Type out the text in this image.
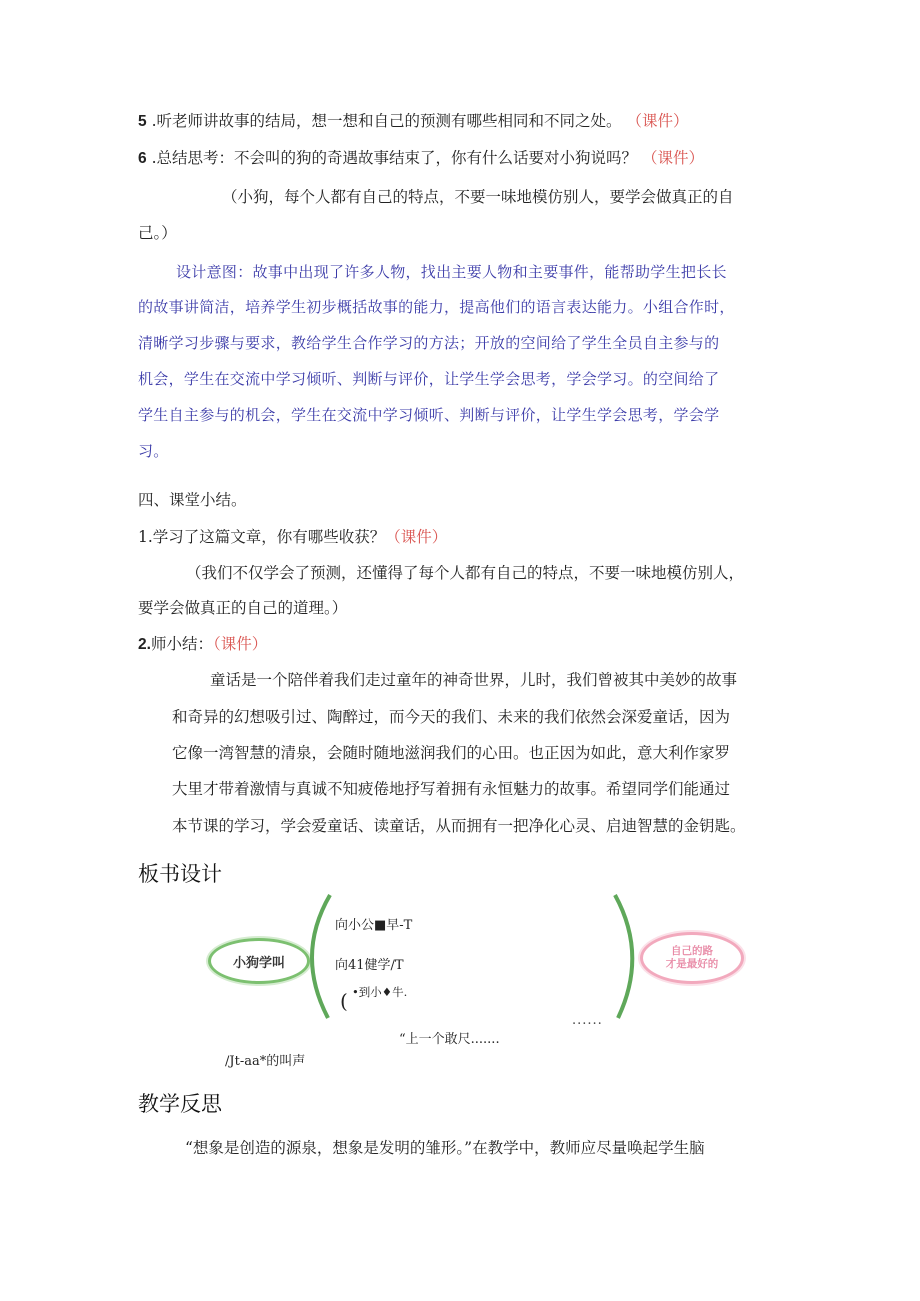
5 .听老师讲故事的结局，想一想和自己的预测有哪些相同和不同之处。 （课件）
6 .总结思考：不会叫的狗的奇遇故事结束了，你有什么话要对小狗说吗？ （课件）
（小狗，每个人都有自己的特点，不要一味地模仿别人，要学会做真正的自
己。）
设计意图：故事中出现了许多人物，找出主要人物和主要事件，能帮助学生把长长
的故事讲简洁，培养学生初步概括故事的能力，提高他们的语言表达能力。小组合作时，
清晰学习步骤与要求，教给学生合作学习的方法；开放的空间给了学生全员自主参与的
机会，学生在交流中学习倾听、判断与评价，让学生学会思考，学会学习。的空间给了
学生自主参与的机会，学生在交流中学习倾听、判断与评价，让学生学会思考，学会学
习。
四、课堂小结。
1.学习了这篇文章，你有哪些收获？（课件）
（我们不仅学会了预测，还懂得了每个人都有自己的特点，不要一味地模仿别人，
要学会做真正的自己的道理。）
2.师小结：（课件）
童话是一个陪伴着我们走过童年的神奇世界，儿时，我们曾被其中美妙的故事
和奇异的幻想吸引过、陶醉过，而今天的我们、未来的我们依然会深爱童话，因为
它像一湾智慧的清泉，会随时随地滋润我们的心田。也正因为如此，意大利作家罗
大里才带着激情与真诚不知疲倦地抒写着拥有永恒魅力的故事。希望同学们能通过
本节课的学习，学会爱童话、读童话，从而拥有一把净化心灵、启迪智慧的金钥匙。
板书设计
小狗学叫
向小公■早-T
向41健学/T
( •到小♦牛.
自己的路
才是最好的
......
“上一个敢尺.......
/Jt-aa*的叫声
教学反思
“想象是创造的源泉，想象是发明的雏形。”在教学中，教师应尽量唤起学生脑
